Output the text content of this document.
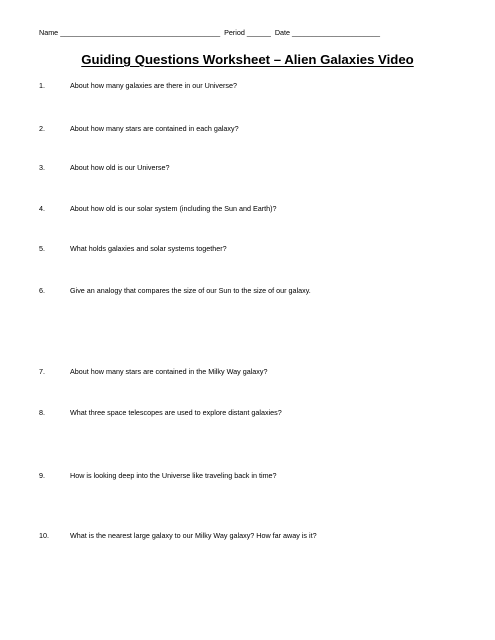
Name ________________________________________ Period ______ Date ______________________
Guiding Questions Worksheet – Alien Galaxies Video
1.	About how many galaxies are there in our Universe?
2.	About how many stars are contained in each galaxy?
3.	About how old is our Universe?
4.	About how old is our solar system (including the Sun and Earth)?
5.	What holds galaxies and solar systems together?
6.	Give an analogy that compares the size of our Sun to the size of our galaxy.
7.	About how many stars are contained in the Milky Way galaxy?
8.	What three space telescopes are used to explore distant galaxies?
9.	How is looking deep into the Universe like traveling back in time?
10.	What is the nearest large galaxy to our Milky Way galaxy? How far away is it?
